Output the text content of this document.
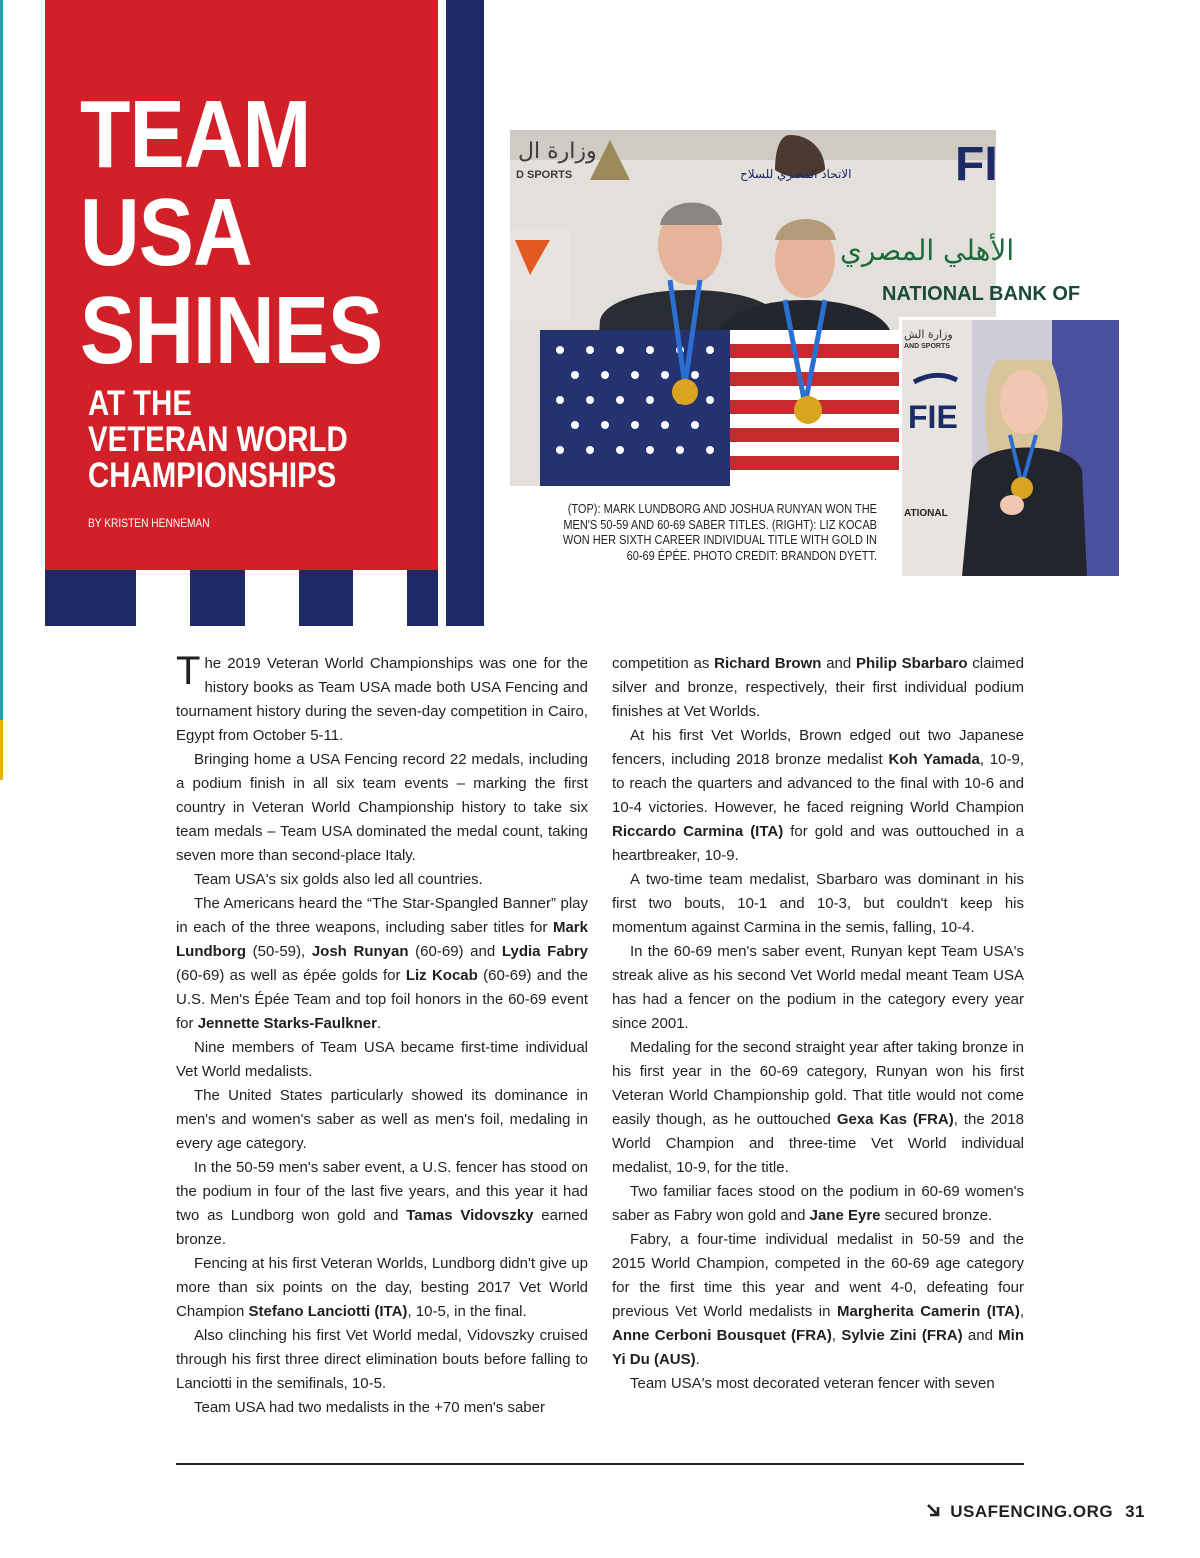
TEAM
USA
SHINES
AT THE
VETERAN WORLD
CHAMPIONSHIPS
BY KRISTEN HENNEMAN
وزارة ال
D SPORTS	FI
الاتحاد المصري للسلاح
الأهلي المصري
NATIONAL BANK OF
وزارة الش
AND SPORTS
FIE
ATIONAL
(TOP): MARK LUNDBORG AND JOSHUA RUNYAN WON THE MEN'S 50-59 AND 60-69 SABER TITLES. (RIGHT): LIZ KOCAB WON HER SIXTH CAREER INDIVIDUAL TITLE WITH GOLD IN 60-69 ÉPÉE. PHOTO CREDIT: BRANDON DYETT.

The 2019 Veteran World Championships was one for the history books as Team USA made both USA Fencing and tournament history during the seven-day competition in Cairo, Egypt from October 5-11.

Bringing home a USA Fencing record 22 medals, including a podium finish in all six team events – marking the first country in Veteran World Championship history to take six team medals – Team USA dominated the medal count, taking seven more than second-place Italy.

Team USA's six golds also led all countries.

The Americans heard the “The Star-Spangled Banner” play in each of the three weapons, including saber titles for Mark Lundborg (50-59), Josh Runyan (60-69) and Lydia Fabry (60-69) as well as épée golds for Liz Kocab (60-69) and the U.S. Men's Épée Team and top foil honors in the 60-69 event for Jennette Starks-Faulkner.

Nine members of Team USA became first-time individual Vet World medalists.

The United States particularly showed its dominance in men's and women's saber as well as men's foil, medaling in every age category.

In the 50-59 men's saber event, a U.S. fencer has stood on the podium in four of the last five years, and this year it had two as Lundborg won gold and Tamas Vidovszky earned bronze.

Fencing at his first Veteran Worlds, Lundborg didn't give up more than six points on the day, besting 2017 Vet World Champion Stefano Lanciotti (ITA), 10-5, in the final.

Also clinching his first Vet World medal, Vidovszky cruised through his first three direct elimination bouts before falling to Lanciotti in the semifinals, 10-5.

Team USA had two medalists in the +70 men's saber

competition as Richard Brown and Philip Sbarbaro claimed silver and bronze, respectively, their first individual podium finishes at Vet Worlds.

At his first Vet Worlds, Brown edged out two Japanese fencers, including 2018 bronze medalist Koh Yamada, 10-9, to reach the quarters and advanced to the final with 10-6 and 10-4 victories. However, he faced reigning World Champion Riccardo Carmina (ITA) for gold and was outtouched in a heartbreaker, 10-9.

A two-time team medalist, Sbarbaro was dominant in his first two bouts, 10-1 and 10-3, but couldn't keep his momentum against Carmina in the semis, falling, 10-4.

In the 60-69 men's saber event, Runyan kept Team USA's streak alive as his second Vet World medal meant Team USA has had a fencer on the podium in the category every year since 2001.

Medaling for the second straight year after taking bronze in his first year in the 60-69 category, Runyan won his first Veteran World Championship gold. That title would not come easily though, as he outtouched Gexa Kas (FRA), the 2018 World Champion and three-time Vet World individual medalist, 10-9, for the title.

Two familiar faces stood on the podium in 60-69 women's saber as Fabry won gold and Jane Eyre secured bronze.

Fabry, a four-time individual medalist in 50-59 and the 2015 World Champion, competed in the 60-69 age category for the first time this year and went 4-0, defeating four previous Vet World medalists in Margherita Camerin (ITA), Anne Cerboni Bousquet (FRA), Sylvie Zini (FRA) and Min Yi Du (AUS).

Team USA's most decorated veteran fencer with seven

USAFENCING.ORG 31
